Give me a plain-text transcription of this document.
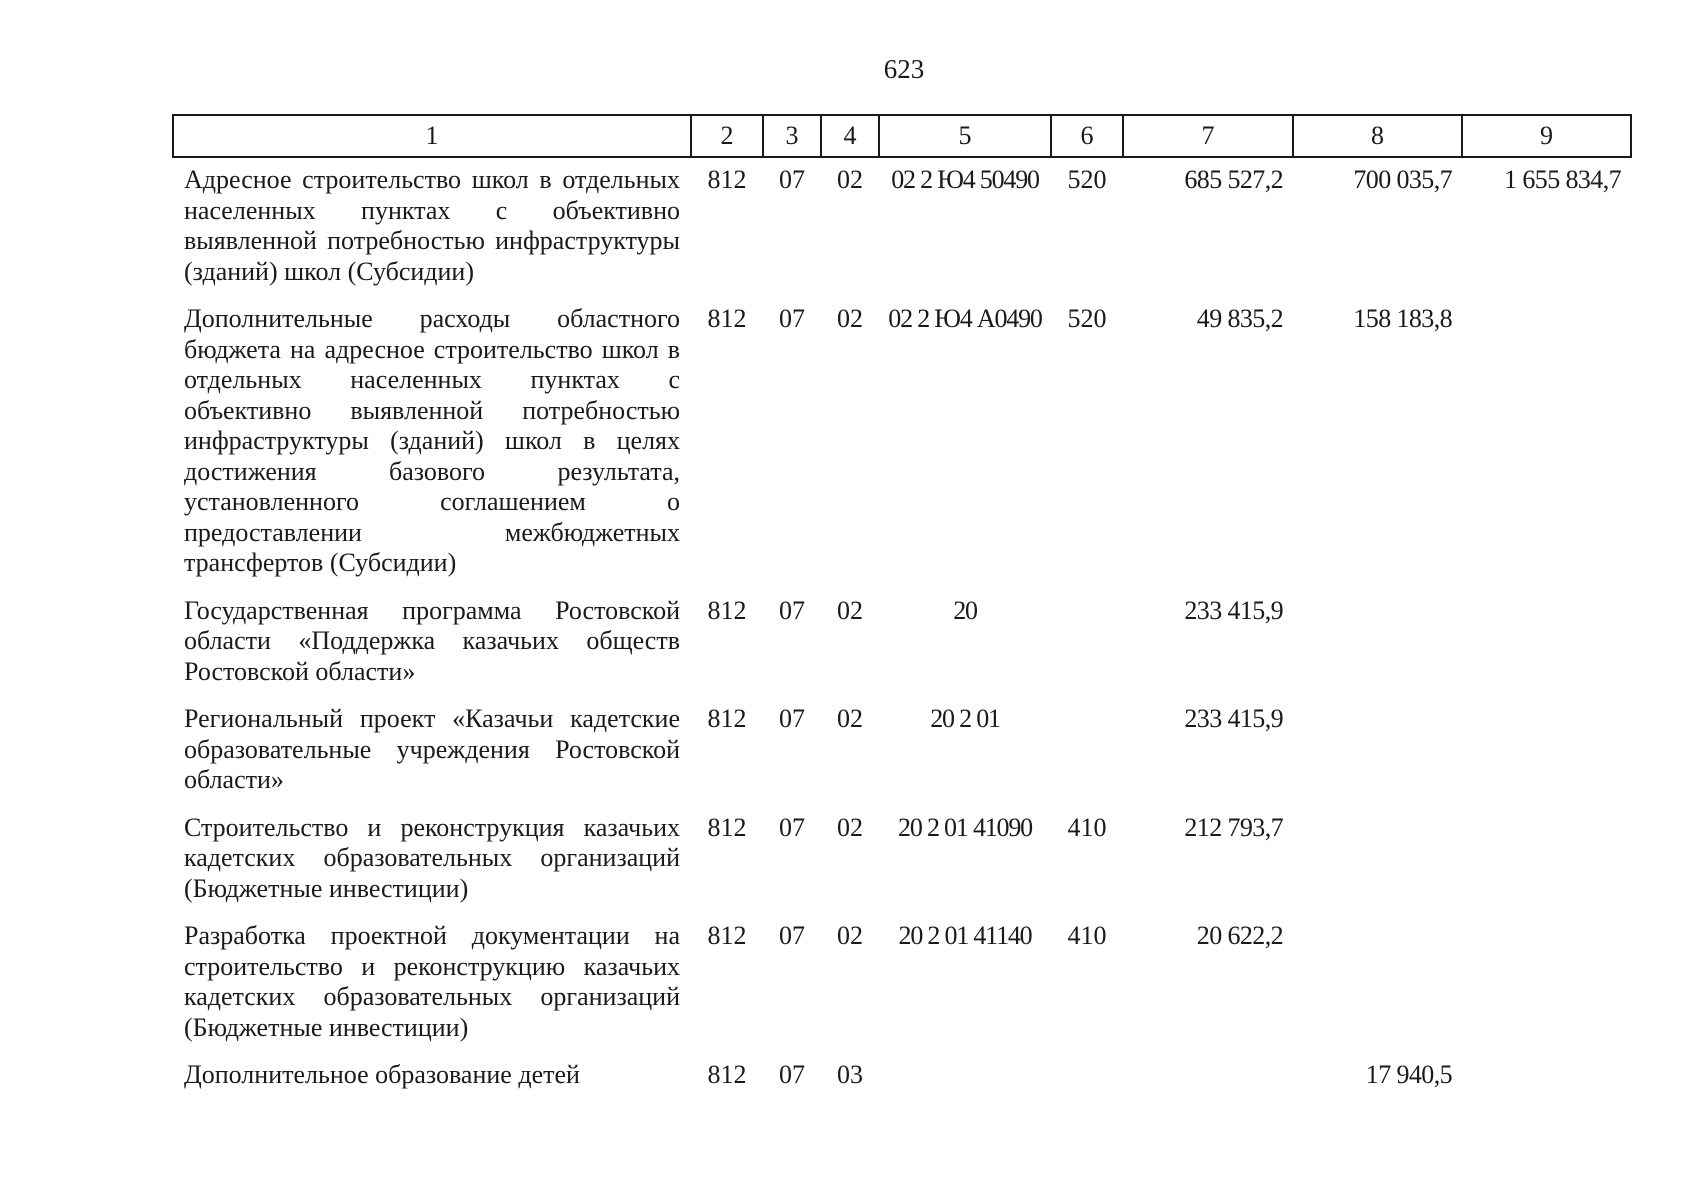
623
1	2	3	4	5	6	7	8	9
Адресное строительство школ в отдельных населенных пунктах с объективно выявленной потребностью инфраструктуры (зданий) школ (Субсидии)	812	07	02	02 2 Ю4 50490	520	685 527,2	700 035,7	1 655 834,7
Дополнительные расходы областного бюджета на адресное строительство школ в отдельных населенных пунктах с объективно выявленной потребностью инфраструктуры (зданий) школ в целях достижения базового результата, установленного соглашением о предоставлении межбюджетных трансфертов (Субсидии)	812	07	02	02 2 Ю4 А0490	520	49 835,2	158 183,8	
Государственная программа Ростовской области «Поддержка казачьих обществ Ростовской области»	812	07	02	20		233 415,9		
Региональный проект «Казачьи кадетские образовательные учреждения Ростовской области»	812	07	02	20 2 01		233 415,9		
Строительство и реконструкция казачьих кадетских образовательных организаций (Бюджетные инвестиции)	812	07	02	20 2 01 41090	410	212 793,7		
Разработка проектной документации на строительство и реконструкцию казачьих кадетских образовательных организаций (Бюджетные инвестиции)	812	07	02	20 2 01 41140	410	20 622,2		
Дополнительное образование детей	812	07	03				17 940,5	
